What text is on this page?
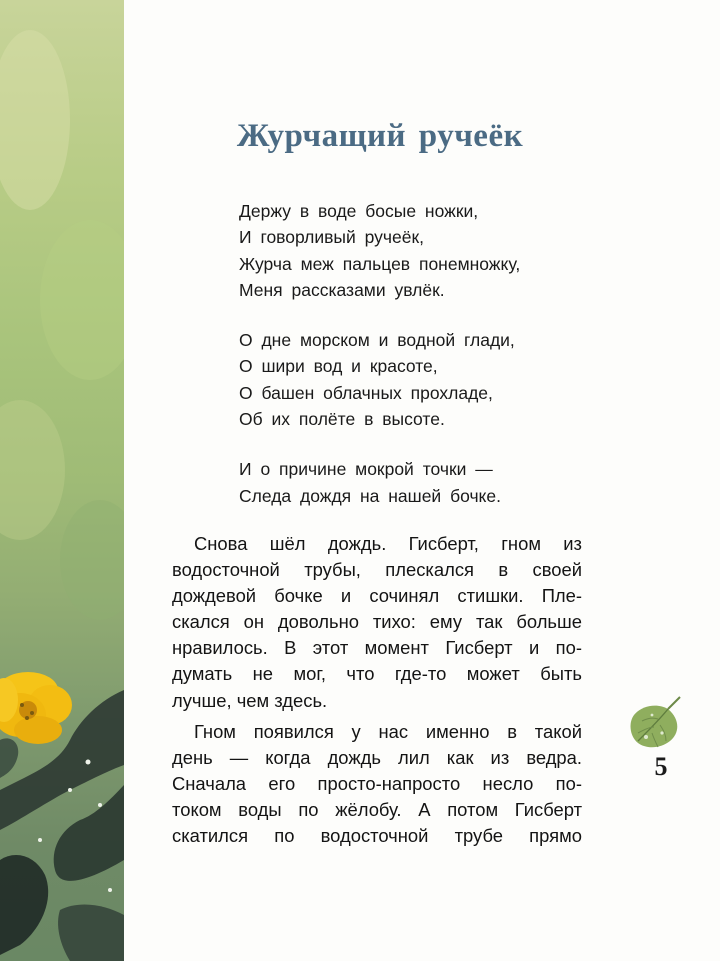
Журчащий ручеёк
Держу в воде босые ножки,
И говорливый ручеёк,
Журча меж пальцев понемножку,
Меня рассказами увлёк.
О дне морском и водной глади,
О шири вод и красоте,
О башен облачных прохладе,
Об их полёте в высоте.
И о причине мокрой точки —
Следа дождя на нашей бочке.
Снова шёл дождь. Гисберт, гном из
водосточной трубы, плескался в своей
дождевой бочке и сочинял стишки. Пле-
скался он довольно тихо: ему так больше
нравилось. В этот момент Гисберт и по-
думать не мог, что где-то может быть
лучше, чем здесь.
Гном появился у нас именно в такой
день — когда дождь лил как из ведра.
Сначала его просто-напросто несло по-
током воды по жёлобу. А потом Гисберт
скатился по водосточной трубе прямо
5
